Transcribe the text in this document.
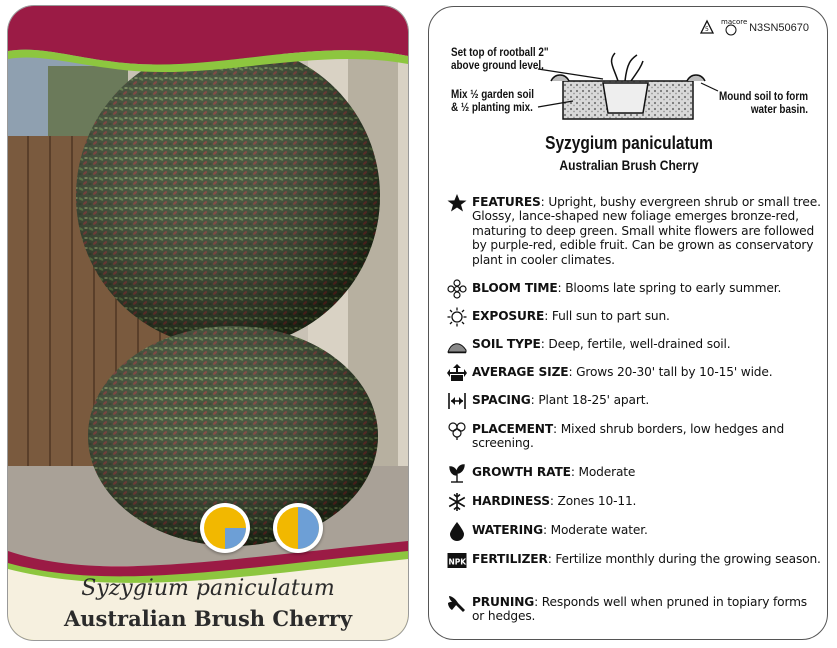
Syzygium paniculatum
Australian Brush Cherry
5
macore N3SN50670
Set top of rootball 2"
above ground level.
Mix ½ garden soil
& ½ planting mix.
Mound soil to form
water basin.
Syzygium paniculatum
Australian Brush Cherry
FEATURES: Upright, bushy evergreen shrub or small tree. Glossy, lance-shaped new foliage emerges bronze-red, maturing to deep green. Small white flowers are followed by purple-red, edible fruit. Can be grown as conservatory plant in cooler climates.
BLOOM TIME: Blooms late spring to early summer.
EXPOSURE: Full sun to part sun.
SOIL TYPE: Deep, fertile, well-drained soil.
AVERAGE SIZE: Grows 20-30' tall by 10-15' wide.
SPACING: Plant 18-25' apart.
PLACEMENT: Mixed shrub borders, low hedges and screening.
GROWTH RATE: Moderate
HARDINESS: Zones 10-11.
WATERING: Moderate water.
NPK FERTILIZER: Fertilize monthly during the growing season.
PRUNING: Responds well when pruned in topiary forms or hedges.
